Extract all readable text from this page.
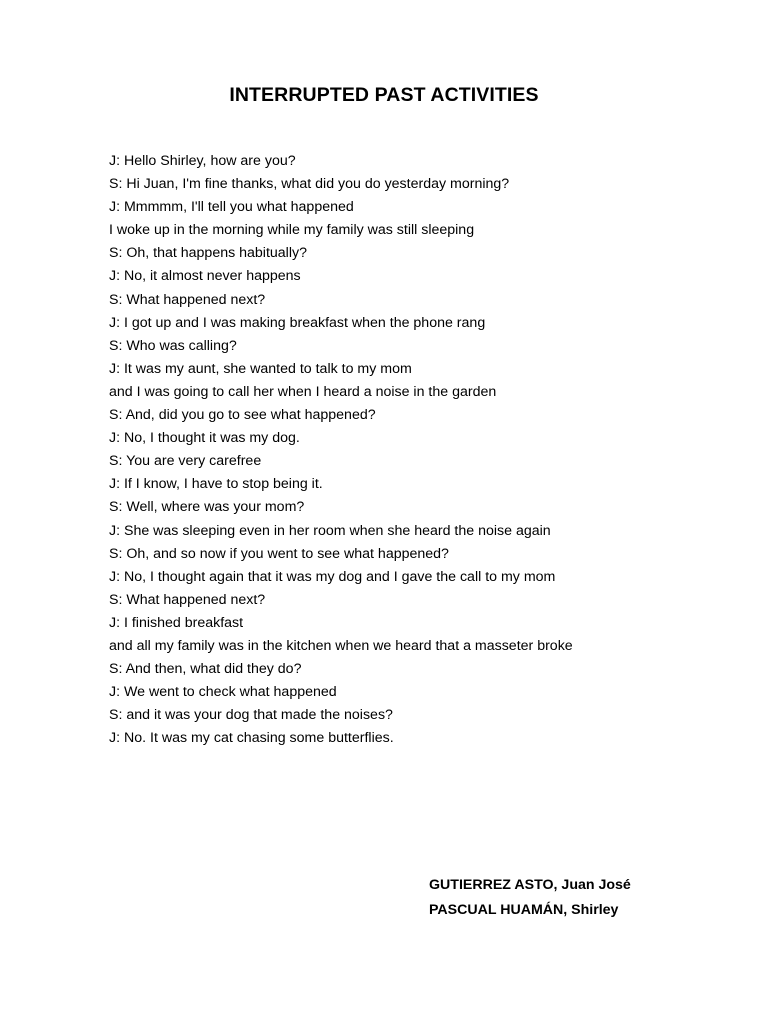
INTERRUPTED PAST ACTIVITIES
J: Hello Shirley, how are you?
S: Hi Juan, I'm fine thanks, what did you do yesterday morning?
J: Mmmmm, I'll tell you what happened
I woke up in the morning while my family was still sleeping
S: Oh, that happens habitually?
J: No, it almost never happens
S: What happened next?
J: I got up and I was making breakfast when the phone rang
S: Who was calling?
J: It was my aunt, she wanted to talk to my mom
and I was going to call her when I heard a noise in the garden
S: And, did you go to see what happened?
J: No, I thought it was my dog.
S: You are very carefree
J: If I know, I have to stop being it.
S: Well, where was your mom?
J: She was sleeping even in her room when she heard the noise again
S: Oh, and so now if you went to see what happened?
J: No, I thought again that it was my dog and I gave the call to my mom
S: What happened next?
J: I finished breakfast
and all my family was in the kitchen when we heard that a masseter broke
S: And then, what did they do?
J: We went to check what happened
S: and it was your dog that made the noises?
J: No. It was my cat chasing some butterflies.
GUTIERREZ ASTO, Juan José
PASCUAL HUAMÁN, Shirley
